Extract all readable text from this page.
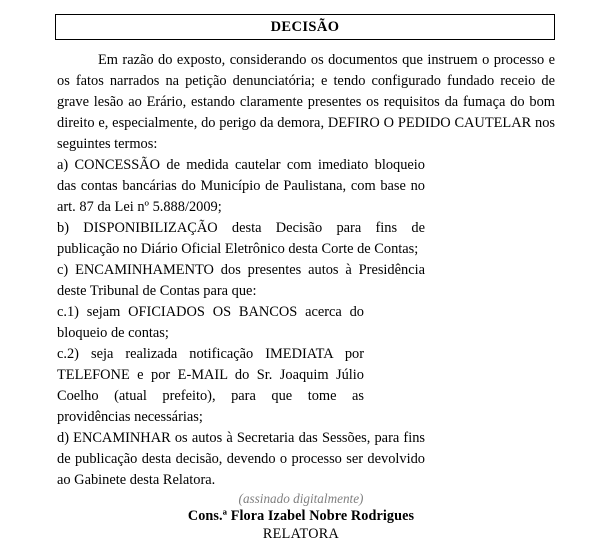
DECISÃO

Em razão do exposto, considerando os documentos que instruem o processo e os fatos narrados na petição denunciatória; e tendo configurado fundado receio de grave lesão ao Erário, estando claramente presentes os requisitos da fumaça do bom direito e, especialmente, do perigo da demora, DEFIRO O PEDIDO CAUTELAR nos seguintes termos:

a) CONCESSÃO de medida cautelar com imediato bloqueio das contas bancárias do Município de Paulistana, com base no art. 87 da Lei nº 5.888/2009;

b) DISPONIBILIZAÇÃO desta Decisão para fins de publicação no Diário Oficial Eletrônico desta Corte de Contas;

c) ENCAMINHAMENTO dos presentes autos à Presidência deste Tribunal de Contas para que:

c.1) sejam OFICIADOS OS BANCOS acerca do bloqueio de contas;

c.2) seja realizada notificação IMEDIATA por TELEFONE e por E-MAIL do Sr. Joaquim Júlio Coelho (atual prefeito), para que tome as providências necessárias;

d) ENCAMINHAR os autos à Secretaria das Sessões, para fins de publicação desta decisão, devendo o processo ser devolvido ao Gabinete desta Relatora.

(assinado digitalmente)

Cons.ª Flora Izabel Nobre Rodrigues

RELATORA
